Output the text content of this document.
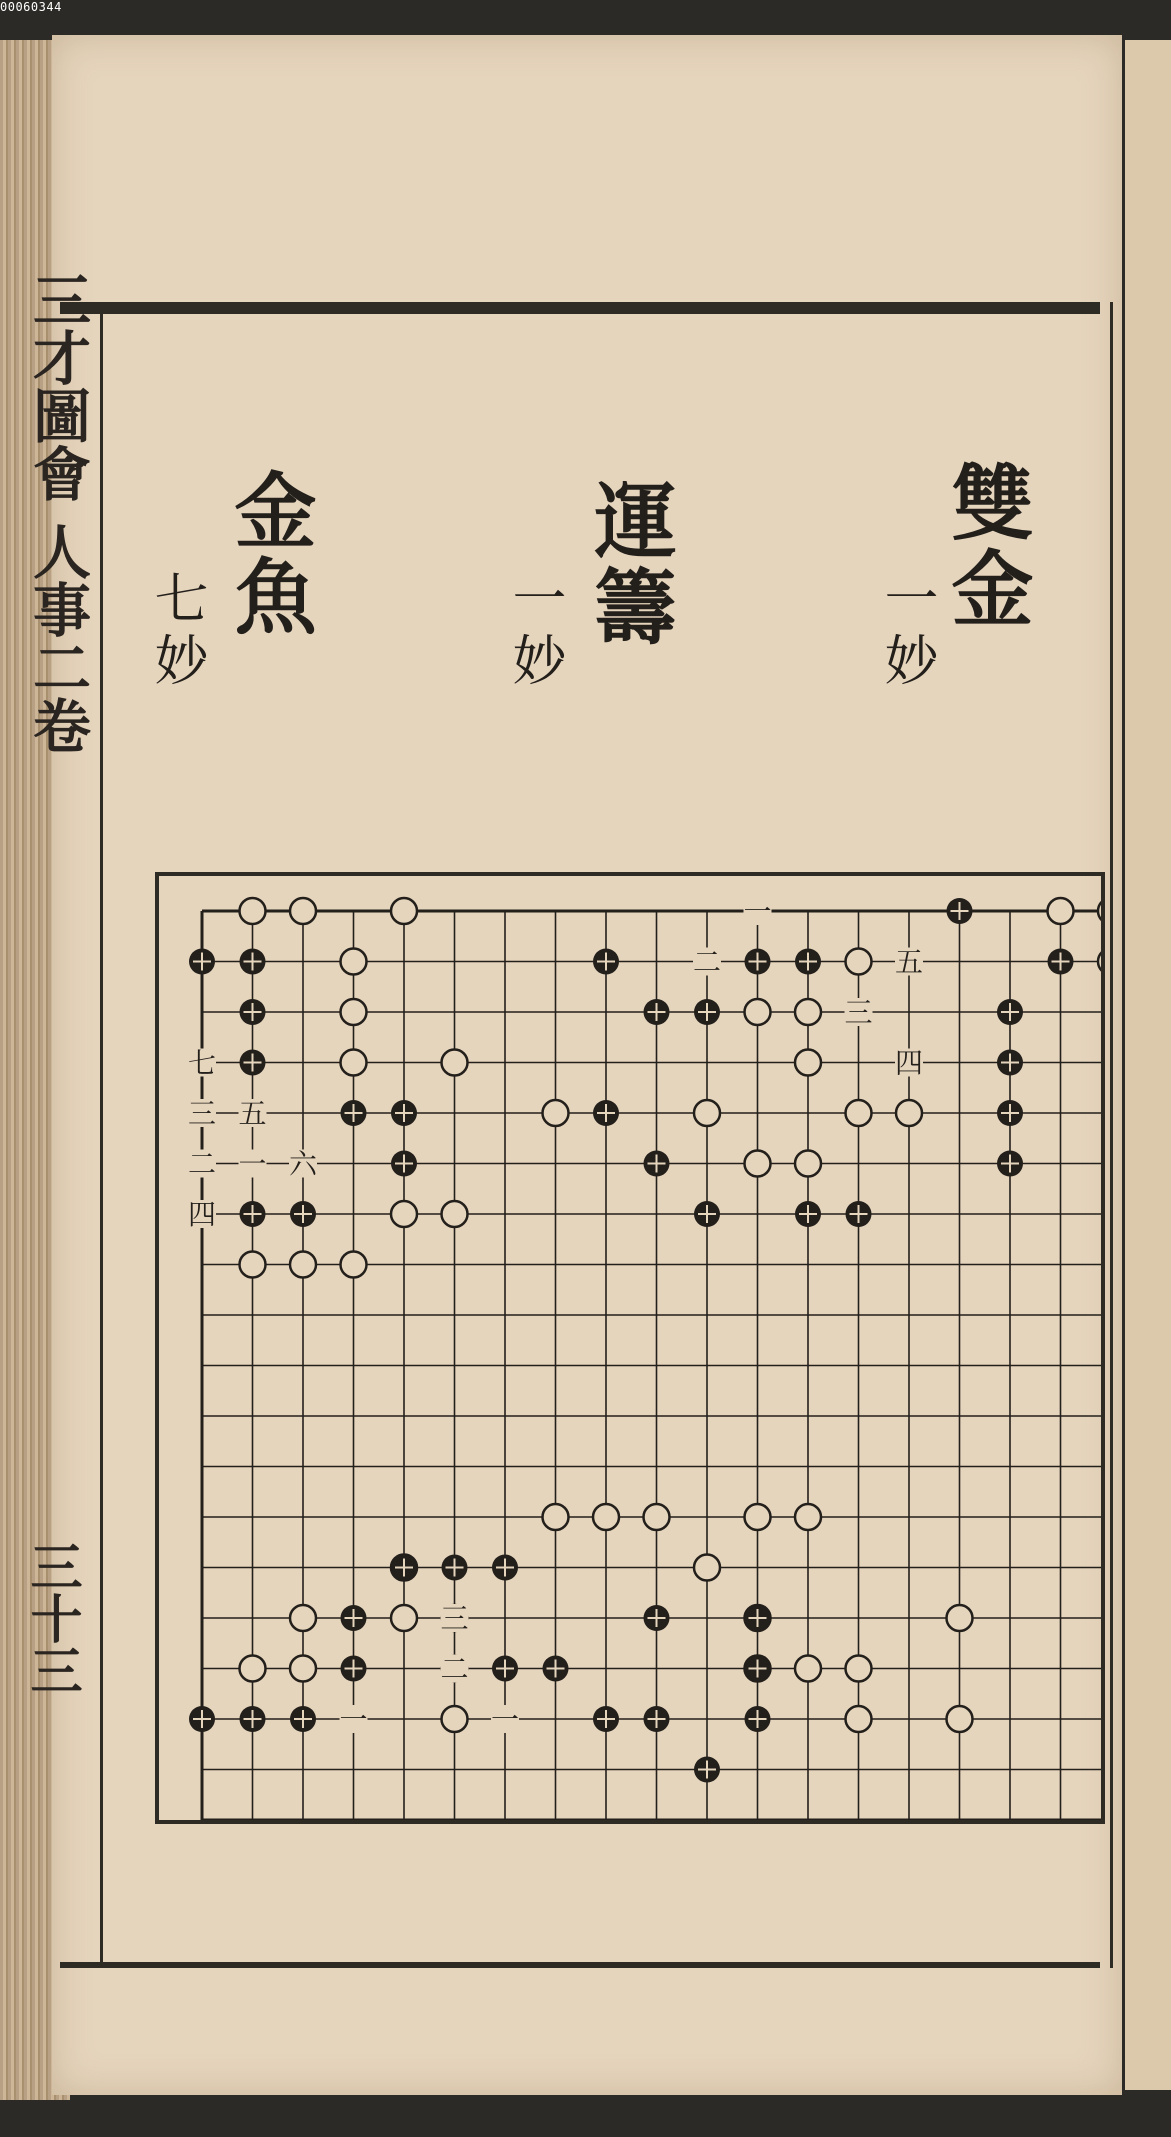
00060344
三才圖會 人事二卷
三十三
雙金
一妙
運籌
一妙
金魚
七妙
一
二	五
三
四
七
三 五
二 一 六
四
三
二
一	一
